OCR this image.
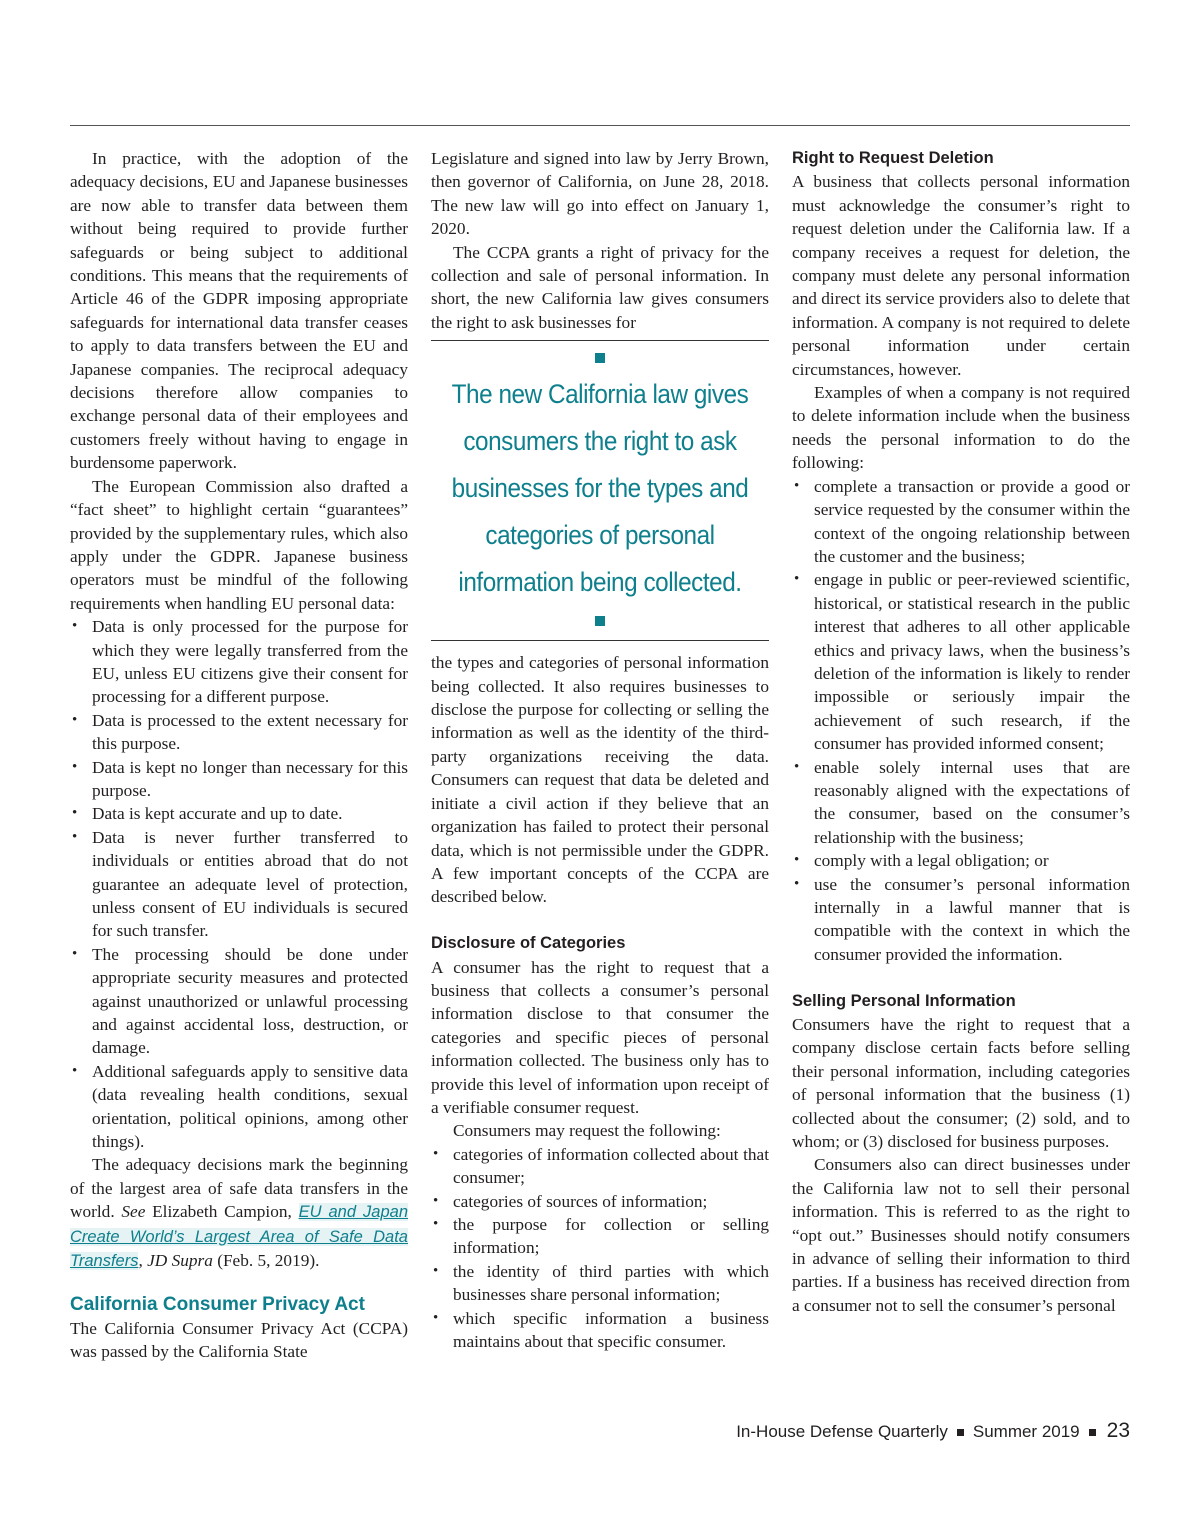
In practice, with the adoption of the adequacy decisions, EU and Japanese businesses are now able to transfer data between them without being required to provide further safeguards or being subject to additional conditions. This means that the requirements of Article 46 of the GDPR imposing appropriate safeguards for international data transfer ceases to apply to data transfers between the EU and Japanese companies. The reciprocal adequacy decisions therefore allow companies to exchange personal data of their employees and customers freely without having to engage in burdensome paperwork.

The European Commission also drafted a “fact sheet” to highlight certain “guarantees” provided by the supplementary rules, which also apply under the GDPR. Japanese business operators must be mindful of the following requirements when handling EU personal data:

• Data is only processed for the purpose for which they were legally transferred from the EU, unless EU citizens give their consent for processing for a different purpose.
• Data is processed to the extent necessary for this purpose.
• Data is kept no longer than necessary for this purpose.
• Data is kept accurate and up to date.
• Data is never further transferred to individuals or entities abroad that do not guarantee an adequate level of protection, unless consent of EU individuals is secured for such transfer.
• The processing should be done under appropriate security measures and protected against unauthorized or unlawful processing and against accidental loss, destruction, or damage.
• Additional safeguards apply to sensitive data (data revealing health conditions, sexual orientation, political opinions, among other things).

The adequacy decisions mark the beginning of the largest area of safe data transfers in the world. See Elizabeth Campion, EU and Japan Create World’s Largest Area of Safe Data Transfers, JD Supra (Feb. 5, 2019).

California Consumer Privacy Act

The California Consumer Privacy Act (CCPA) was passed by the California State

Legislature and signed into law by Jerry Brown, then governor of California, on June 28, 2018. The new law will go into effect on January 1, 2020.

The CCPA grants a right of privacy for the collection and sale of personal information. In short, the new California law gives consumers the right to ask businesses for

The new California law gives consumers the right to ask businesses for the types and categories of personal information being collected.

the types and categories of personal information being collected. It also requires businesses to disclose the purpose for collecting or selling the information as well as the identity of the third-party organizations receiving the data. Consumers can request that data be deleted and initiate a civil action if they believe that an organization has failed to protect their personal data, which is not permissible under the GDPR. A few important concepts of the CCPA are described below.

Disclosure of Categories

A consumer has the right to request that a business that collects a consumer’s personal information disclose to that consumer the categories and specific pieces of personal information collected. The business only has to provide this level of information upon receipt of a verifiable consumer request.

Consumers may request the following:

• categories of information collected about that consumer;
• categories of sources of information;
• the purpose for collection or selling information;
• the identity of third parties with which businesses share personal information;
• which specific information a business maintains about that specific consumer.
Right to Request Deletion

A business that collects personal information must acknowledge the consumer’s right to request deletion under the California law. If a company receives a request for deletion, the company must delete any personal information and direct its service providers also to delete that information. A company is not required to delete personal information under certain circumstances, however.

Examples of when a company is not required to delete information include when the business needs the personal information to do the following:

• complete a transaction or provide a good or service requested by the consumer within the context of the ongoing relationship between the customer and the business;
• engage in public or peer-reviewed scientific, historical, or statistical research in the public interest that adheres to all other applicable ethics and privacy laws, when the business’s deletion of the information is likely to render impossible or seriously impair the achievement of such research, if the consumer has provided informed consent;
• enable solely internal uses that are reasonably aligned with the expectations of the consumer, based on the consumer’s relationship with the business;
• comply with a legal obligation; or
• use the consumer’s personal information internally in a lawful manner that is compatible with the context in which the consumer provided the information.
Selling Personal Information

Consumers have the right to request that a company disclose certain facts before selling their personal information, including categories of personal information that the business (1) collected about the consumer; (2) sold, and to whom; or (3) disclosed for business purposes.

Consumers also can direct businesses under the California law not to sell their personal information. This is referred to as the right to “opt out.” Businesses should notify consumers in advance of selling their information to third parties. If a business has received direction from a consumer not to sell the consumer’s personal

In-House Defense Quarterly Summer 2019 23
